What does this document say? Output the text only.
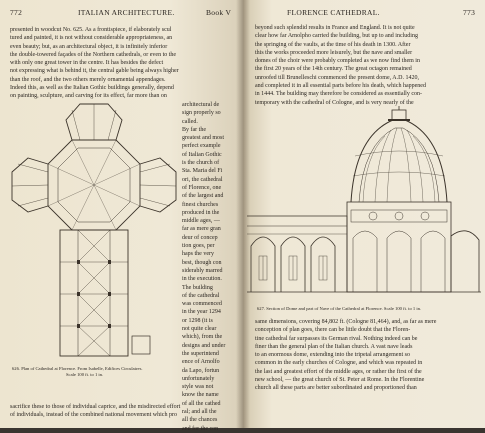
772	ITALIAN ARCHITECTURE.	Book V
presented in woodcut No. 625. As a frontispiece, if elaborately scul
tured and painted, it is not without considerable appropriateness, an
even beauty; but, as an architectural object, it is infinitely inferior
the double-towered façades of the Northern cathedrals, or even to the
with only one great tower in the centre. It has besides the defect
not expressing what is behind it, the central gable being always higher
than the roof, and the two others merely ornamental appendages.
Indeed this, as well as the Italian Gothic buildings generally, depend
on painting, sculpture, and carving for its effect, far more than on
architectural de
sign properly so
called.
By far the
greatest and most
perfect example
of Italian Gothic
is the church of
Sta. Maria del Fi
ori, the cathedral
of Florence, one
of the largest and
finest churches
produced in the
middle ages, —
far as mere gran
deur of concep
tion goes, per
haps the very
best, though con
siderably marred
in the execution.
The building
of the cathedral
was commenced
in the year 1294
or 1298 (it is
not quite clear
which), from the
designs and under
the superintend
ence of Arnolfo
da Lapo, fortun
unfortunately
style was not
know the name
of all the cathed
ral; and all the
all the chances
and for the con
626. Plan of Cathedral at Florence. From Isabelle, Edifices Circulaires.
Scale 100 ft. to 1 in.
sacrifice these to those of individual caprice, and the misdirected effort
of individuals, instead of the combined national movement which pro
FLORENCE CATHEDRAL.	773
beyond such splendid results in France and England. It is not quite
clear how far Arnolpho carried the building, but up to and including
the springing of the vaults, at the time of his death in 1300. After
this the works proceeded more leisurely, but the nave and smaller
domes of the choir were probably completed as we now find them in
the first 20 years of the 14th century. The great octagon remained
unroofed till Brunelleschi commenced the present dome, A.D. 1420,
and completed it in all essential parts before his death, which happened
in 1444. The building may therefore be considered as essentially con-
temporary with the cathedral of Cologne, and is very nearly of the
627. Section of Dome and part of Nave of the Cathedral at Florence. Scale 100 ft. to 1 in.
same dimensions, covering 84,802 ft. (Cologne 81,464), and, as far as mere
conception of plan goes, there can be little doubt that the Floren-
tine cathedral far surpasses its German rival. Nothing indeed can be
finer than the general plan of the Italian church. A vast nave leads
to an enormous dome, extending into the tripetal arrangement so
common in the early churches of Cologne, and which was repeated in
the last and greatest effort of the middle ages, or rather the first of the
new school, — the great church of St. Peter at Rome. In the Florentine
church all these parts are better subordinated and proportioned than
